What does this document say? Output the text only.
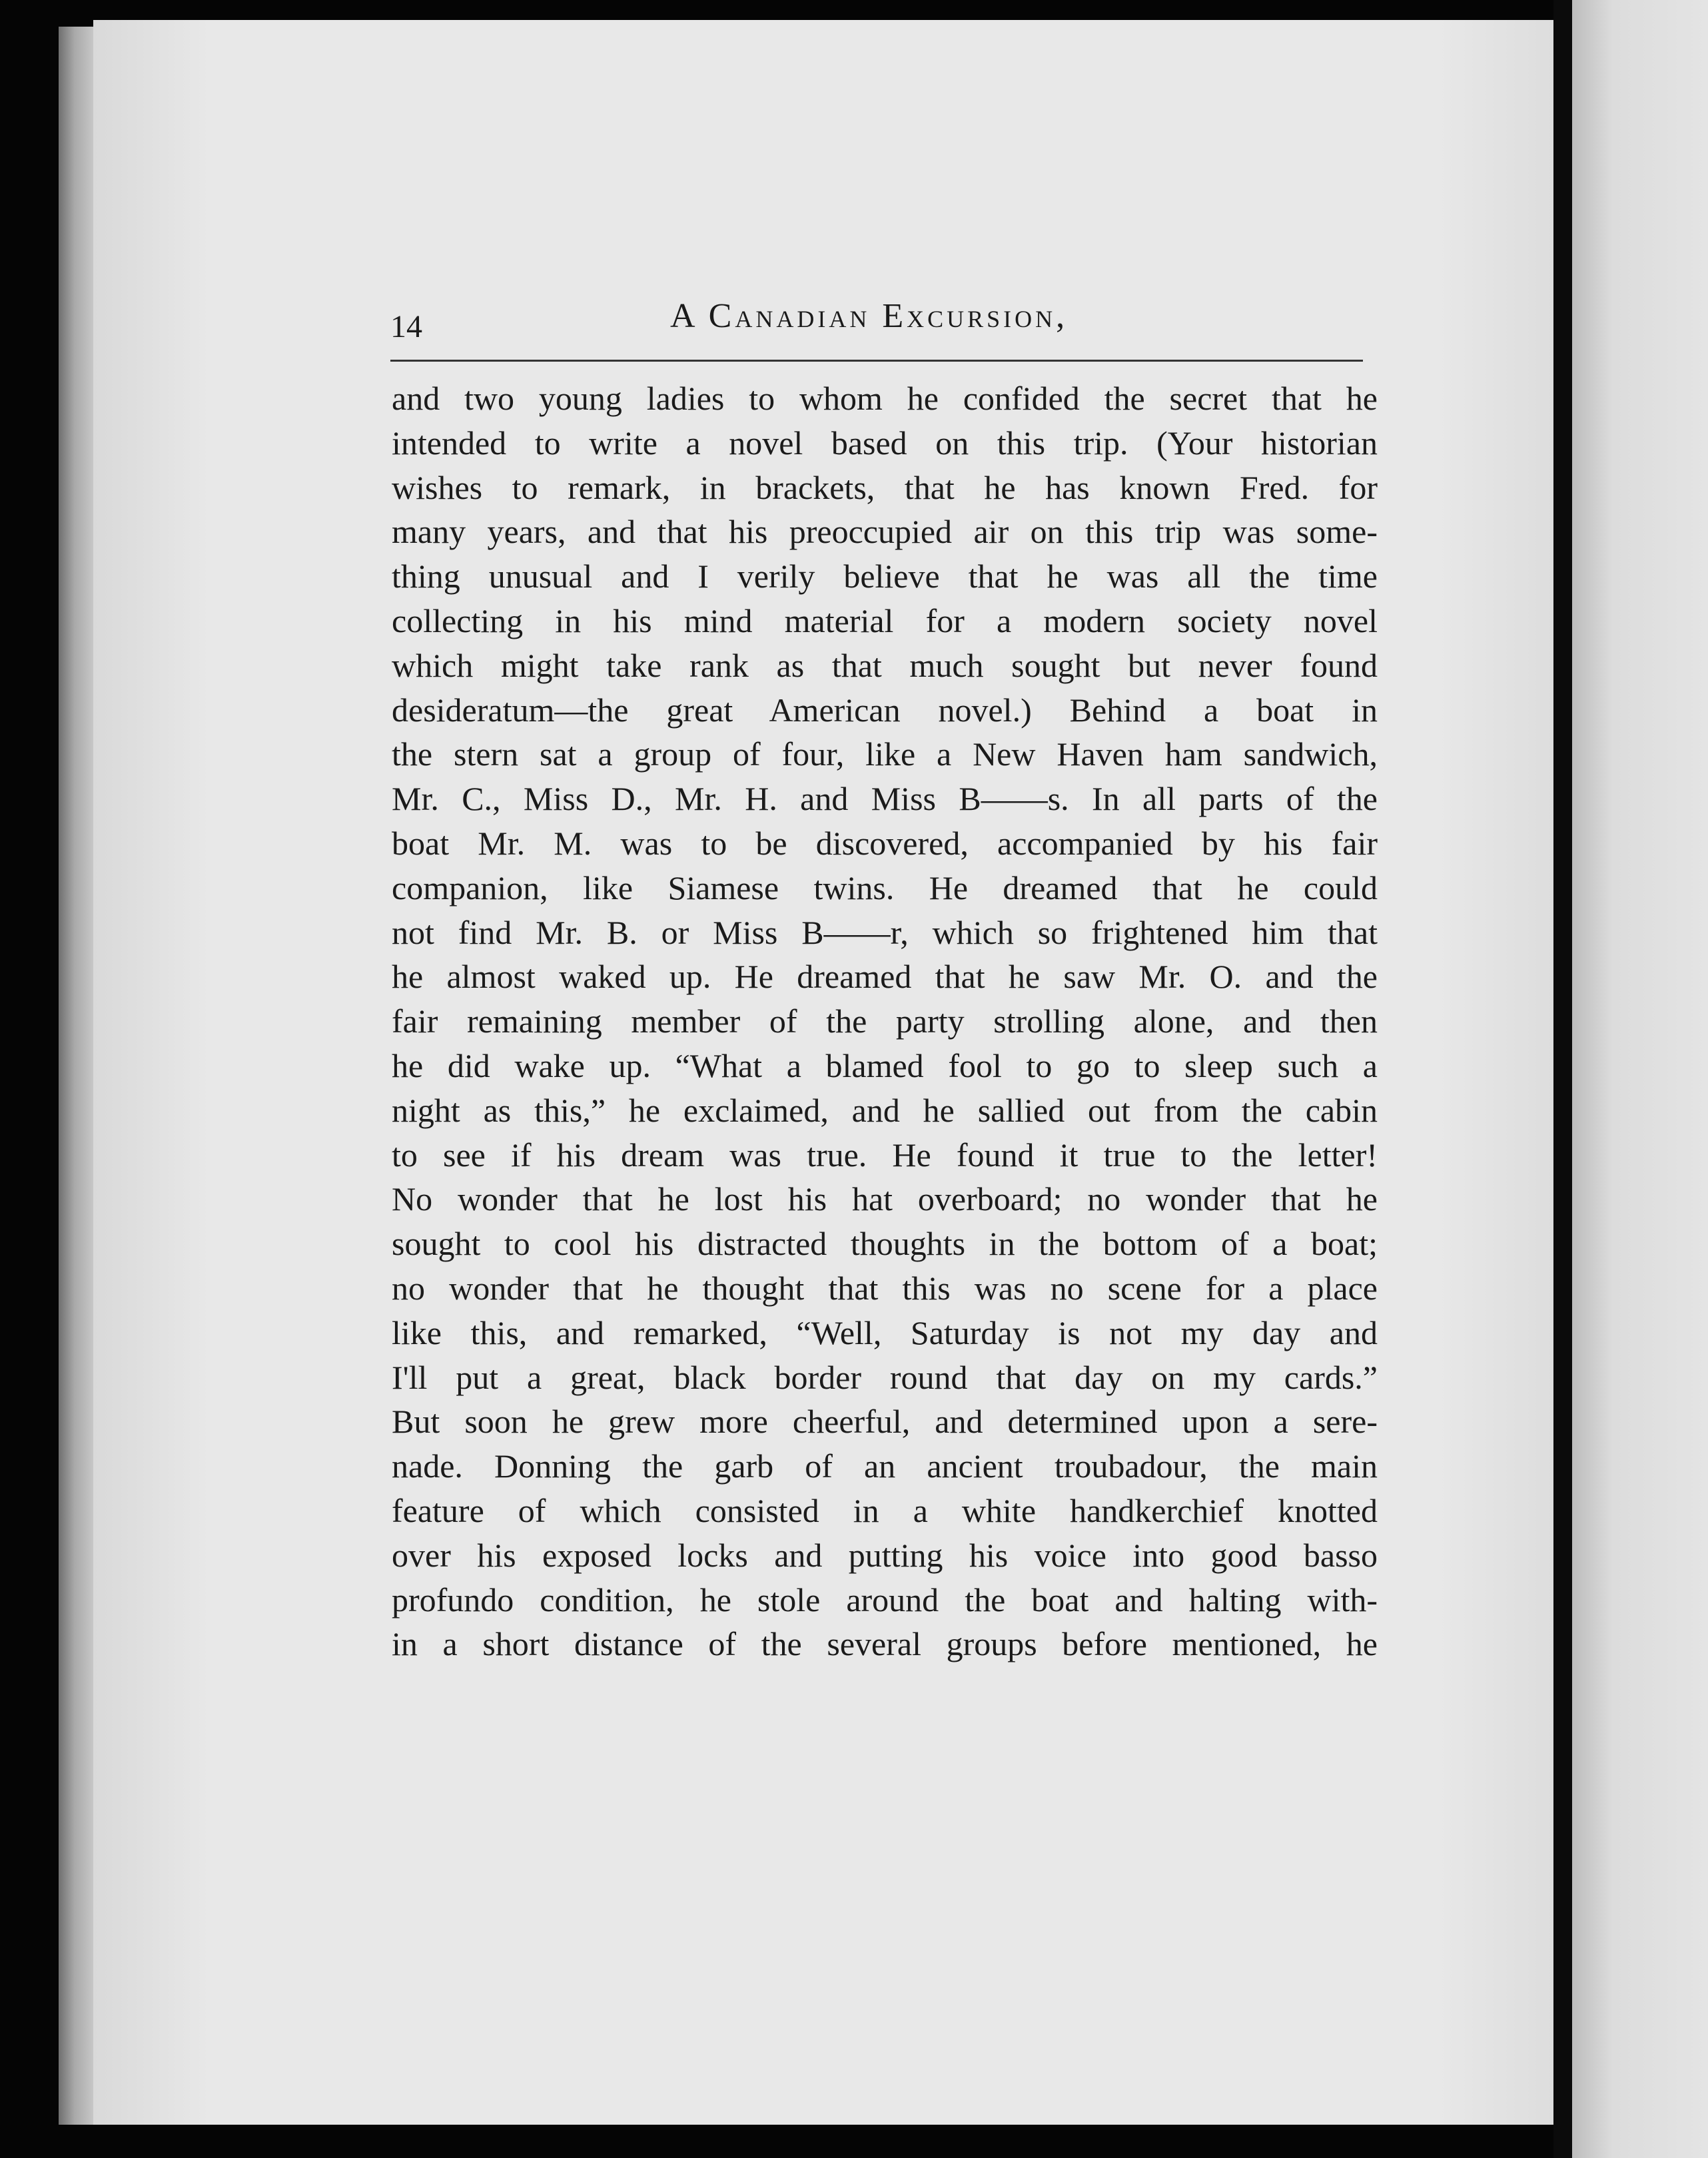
14	A Canadian Excursion,
and two young ladies to whom he confided the secret that he
intended to write a novel based on this trip. (Your historian
wishes to remark, in brackets, that he has known Fred. for
many years, and that his preoccupied air on this trip was some-
thing unusual and I verily believe that he was all the time
collecting in his mind material for a modern society novel
which might take rank as that much sought but never found
desideratum—the great American novel.) Behind a boat in
the stern sat a group of four, like a New Haven ham sandwich,
Mr. C., Miss D., Mr. H. and Miss B——s. In all parts of the
boat Mr. M. was to be discovered, accompanied by his fair
companion, like Siamese twins. He dreamed that he could
not find Mr. B. or Miss B——r, which so frightened him that
he almost waked up. He dreamed that he saw Mr. O. and the
fair remaining member of the party strolling alone, and then
he did wake up. “What a blamed fool to go to sleep such a
night as this,” he exclaimed, and he sallied out from the cabin
to see if his dream was true. He found it true to the letter!
No wonder that he lost his hat overboard; no wonder that he
sought to cool his distracted thoughts in the bottom of a boat;
no wonder that he thought that this was no scene for a place
like this, and remarked, “Well, Saturday is not my day and
I'll put a great, black border round that day on my cards.”
But soon he grew more cheerful, and determined upon a sere-
nade. Donning the garb of an ancient troubadour, the main
feature of which consisted in a white handkerchief knotted
over his exposed locks and putting his voice into good basso
profundo condition, he stole around the boat and halting with-
in a short distance of the several groups before mentioned, he
